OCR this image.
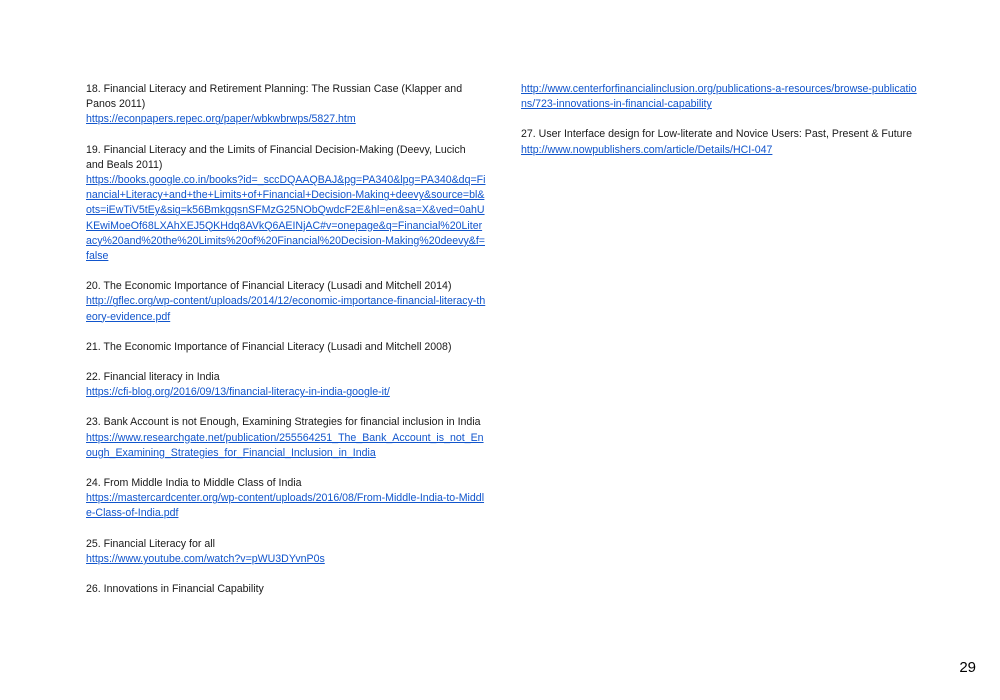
18. Financial Literacy and Retirement Planning: The Russian Case (Klapper and Panos 2011)
https://econpapers.repec.org/paper/wbkwbrwps/5827.htm
19. Financial Literacy and the Limits of Financial Decision-Making (Deevy, Lucich and Beals 2011)
https://books.google.co.in/books?id=_sccDQAAQBAJ&pg=PA340&lpg=PA340&dq=Financial+Literacy+and+the+Limits+of+Financial+Decision-Making+deevy&source=bl&ots=iEwTiV5tEy&sig=k56BmkgqsnSFMzG25NObQwdcF2E&hl=en&sa=X&ved=0ahUKEwiMoeOf68LXAhXEJ5QKHdq8AVkQ6AEINjAC#v=onepage&q=Financial%20Literacy%20and%20the%20Limits%20of%20Financial%20Decision-Making%20deevy&f=false
20. The Economic Importance of Financial Literacy (Lusadi and Mitchell 2014)
http://gflec.org/wp-content/uploads/2014/12/economic-importance-financial-literacy-theory-evidence.pdf
21. The Economic Importance of Financial Literacy (Lusadi and Mitchell 2008)
22. Financial literacy in India
https://cfi-blog.org/2016/09/13/financial-literacy-in-india-google-it/
23. Bank Account is not Enough, Examining Strategies for financial inclusion in India
https://www.researchgate.net/publication/255564251_The_Bank_Account_is_not_Enough_Examining_Strategies_for_Financial_Inclusion_in_India
24. From Middle India to Middle Class of India
https://mastercardcenter.org/wp-content/uploads/2016/08/From-Middle-India-to-Middle-Class-of-India.pdf
25. Financial Literacy for all
https://www.youtube.com/watch?v=pWU3DYvnP0s
26. Innovations in Financial Capability
http://www.centerforfinancialinclusion.org/publications-a-resources/browse-publications/723-innovations-in-financial-capability
27. User Interface design for Low-literate and Novice Users: Past, Present & Future
http://www.nowpublishers.com/article/Details/HCI-047
29
